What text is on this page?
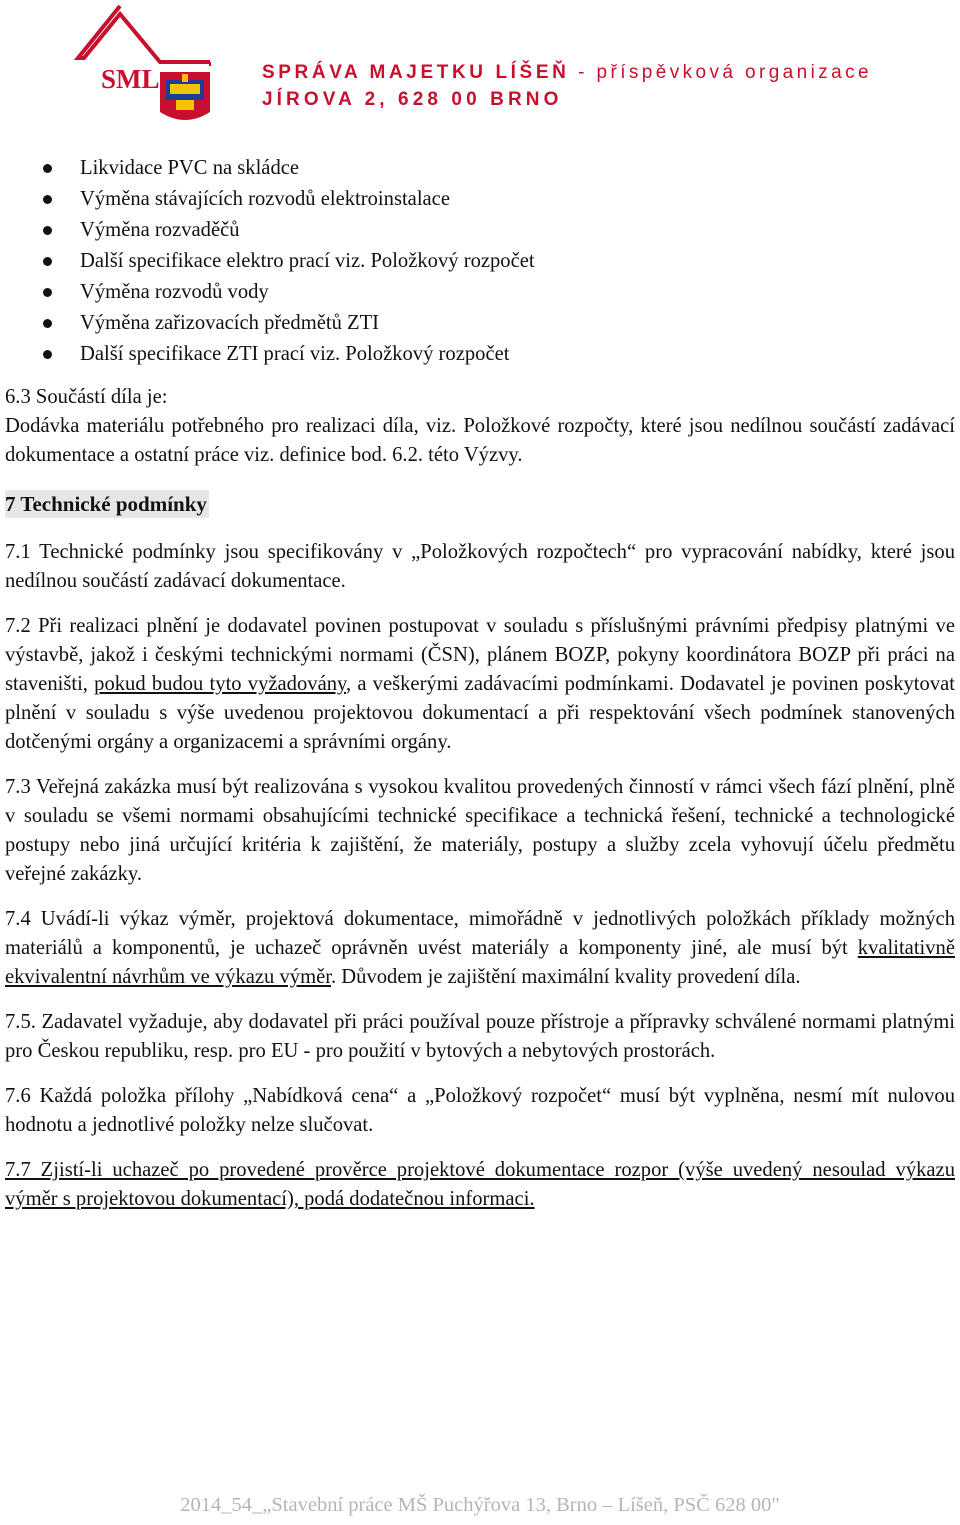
SML	SPRÁVA MAJETKU LÍŠEŇ - příspěvková organizace
JÍROVA 2, 628 00 BRNO
Likvidace PVC na skládce
Výměna stávajících rozvodů elektroinstalace
Výměna rozvaděčů
Další specifikace elektro prací viz. Položkový rozpočet
Výměna rozvodů vody
Výměna zařizovacích předmětů ZTI
Další specifikace ZTI prací viz. Položkový rozpočet

6.3 Součástí díla je:

Dodávka materiálu potřebného pro realizaci díla, viz. Položkové rozpočty, které jsou nedílnou součástí zadávací dokumentace a ostatní práce viz. definice bod. 6.2. této Výzvy.

7 Technické podmínky

7.1 Technické podmínky jsou specifikovány v „Položkových rozpočtech“ pro vypracování nabídky, které jsou nedílnou součástí zadávací dokumentace.

7.2 Při realizaci plnění je dodavatel povinen postupovat v souladu s příslušnými právními předpisy platnými ve výstavbě, jakož i českými technickými normami (ČSN), plánem BOZP, pokyny koordinátora BOZP při práci na staveništi, pokud budou tyto vyžadovány, a veškerými zadávacími podmínkami. Dodavatel je povinen poskytovat plnění v souladu s výše uvedenou projektovou dokumentací a při respektování všech podmínek stanovených dotčenými orgány a organizacemi a správními orgány.

7.3 Veřejná zakázka musí být realizována s vysokou kvalitou provedených činností v rámci všech fází plnění, plně v souladu se všemi normami obsahujícími technické specifikace a technická řešení, technické a technologické postupy nebo jiná určující kritéria k zajištění, že materiály, postupy a služby zcela vyhovují účelu předmětu veřejné zakázky.

7.4 Uvádí-li výkaz výměr, projektová dokumentace, mimořádně v jednotlivých položkách příklady možných materiálů a komponentů, je uchazeč oprávněn uvést materiály a komponenty jiné, ale musí být kvalitativně ekvivalentní návrhům ve výkazu výměr. Důvodem je zajištění maximální kvality provedení díla.

7.5. Zadavatel vyžaduje, aby dodavatel při práci používal pouze přístroje a přípravky schválené normami platnými pro Českou republiku, resp. pro EU - pro použití v bytových a nebytových prostorách.

7.6 Každá položka přílohy „Nabídková cena“ a „Položkový rozpočet“ musí být vyplněna, nesmí mít nulovou hodnotu a jednotlivé položky nelze slučovat.

7.7 Zjistí-li uchazeč po provedené prověrce projektové dokumentace rozpor (výše uvedený nesoulad výkazu výměr s projektovou dokumentací), podá dodatečnou informaci.

2014_54_„Stavební práce MŠ Puchýřova 13, Brno – Líšeň, PSČ 628 00"
